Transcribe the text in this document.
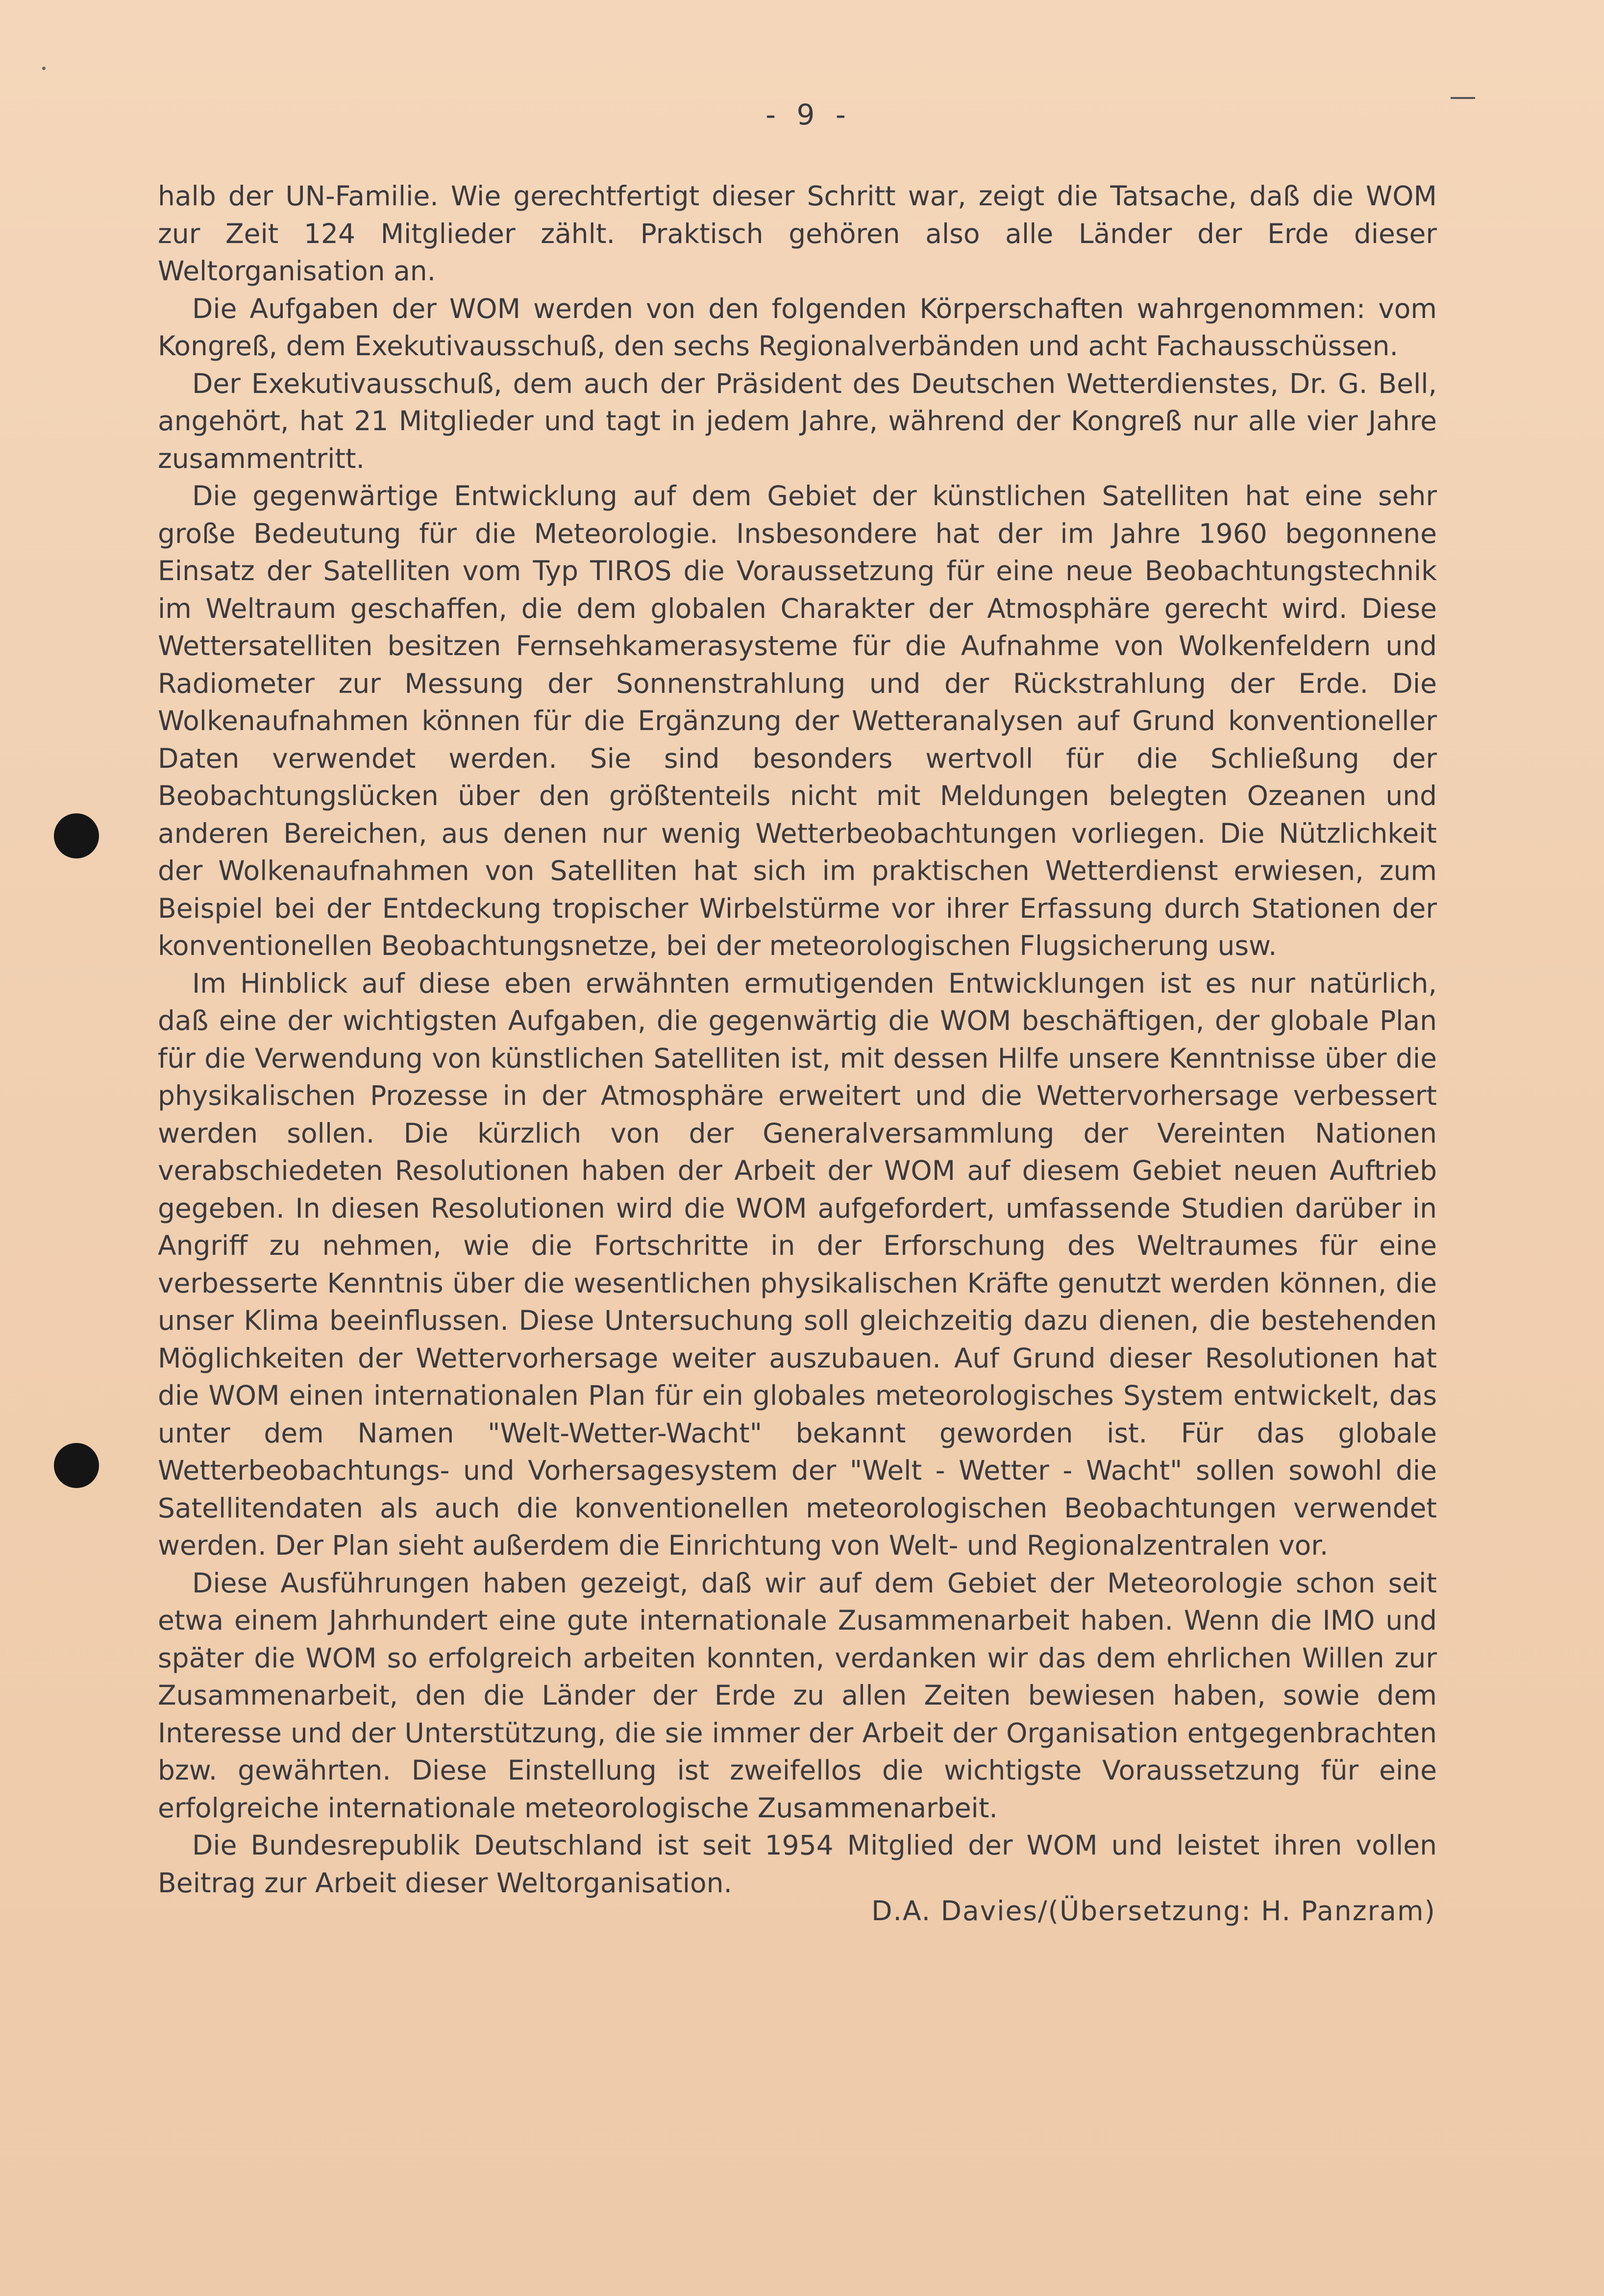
- 9 -

halb der UN-Familie. Wie gerechtfertigt dieser Schritt war, zeigt die Tatsache, daß die WOM zur Zeit 124 Mitglieder zählt. Praktisch gehören also alle Länder der Erde dieser Weltorganisation an.

Die Aufgaben der WOM werden von den folgenden Körperschaften wahrgenommen: vom Kongreß, dem Exekutivausschuß, den sechs Regionalverbänden und acht Fachausschüssen.

Der Exekutivausschuß, dem auch der Präsident des Deutschen Wetterdienstes, Dr. G. Bell, angehört, hat 21 Mitglieder und tagt in jedem Jahre, während der Kongreß nur alle vier Jahre zusammentritt.

Die gegenwärtige Entwicklung auf dem Gebiet der künstlichen Satelliten hat eine sehr große Bedeutung für die Meteorologie. Insbesondere hat der im Jahre 1960 begonnene Einsatz der Satelliten vom Typ TIROS die Voraussetzung für eine neue Beobachtungstechnik im Weltraum geschaffen, die dem globalen Charakter der Atmosphäre gerecht wird. Diese Wettersatelliten besitzen Fernsehkamerasysteme für die Aufnahme von Wolkenfeldern und Radiometer zur Messung der Sonnenstrahlung und der Rückstrahlung der Erde. Die Wolkenaufnahmen können für die Ergänzung der Wetteranalysen auf Grund konventioneller Daten verwendet werden. Sie sind besonders wertvoll für die Schließung der Beobachtungslücken über den größtenteils nicht mit Meldungen belegten Ozeanen und anderen Bereichen, aus denen nur wenig Wetterbeobachtungen vorliegen. Die Nützlichkeit der Wolkenaufnahmen von Satelliten hat sich im praktischen Wetterdienst erwiesen, zum Beispiel bei der Entdeckung tropischer Wirbelstürme vor ihrer Erfassung durch Stationen der konventionellen Beobachtungsnetze, bei der meteorologischen Flugsicherung usw.

Im Hinblick auf diese eben erwähnten ermutigenden Entwicklungen ist es nur natürlich, daß eine der wichtigsten Aufgaben, die gegenwärtig die WOM beschäftigen, der globale Plan für die Verwendung von künstlichen Satelliten ist, mit dessen Hilfe unsere Kenntnisse über die physikalischen Prozesse in der Atmosphäre erweitert und die Wettervorhersage verbessert werden sollen. Die kürzlich von der Generalversammlung der Vereinten Nationen verabschiedeten Resolutionen haben der Arbeit der WOM auf diesem Gebiet neuen Auftrieb gegeben. In diesen Resolutionen wird die WOM aufgefordert, umfassende Studien darüber in Angriff zu nehmen, wie die Fortschritte in der Erforschung des Weltraumes für eine verbesserte Kenntnis über die wesentlichen physikalischen Kräfte genutzt werden können, die unser Klima beeinflussen. Diese Untersuchung soll gleichzeitig dazu dienen, die bestehenden Möglichkeiten der Wettervorhersage weiter auszubauen. Auf Grund dieser Resolutionen hat die WOM einen internationalen Plan für ein globales meteorologisches System entwickelt, das unter dem Namen "Welt-Wetter-Wacht" bekannt geworden ist. Für das globale Wetterbeobachtungs- und Vorhersagesystem der "Welt - Wetter - Wacht" sollen sowohl die Satellitendaten als auch die konventionellen meteorologischen Beobachtungen verwendet werden. Der Plan sieht außerdem die Einrichtung von Welt- und Regionalzentralen vor.

Diese Ausführungen haben gezeigt, daß wir auf dem Gebiet der Meteorologie schon seit etwa einem Jahrhundert eine gute internationale Zusammenarbeit haben. Wenn die IMO und später die WOM so erfolgreich arbeiten konnten, verdanken wir das dem ehrlichen Willen zur Zusammenarbeit, den die Länder der Erde zu allen Zeiten bewiesen haben, sowie dem Interesse und der Unterstützung, die sie immer der Arbeit der Organisation entgegenbrachten bzw. gewährten. Diese Einstellung ist zweifellos die wichtigste Voraussetzung für eine erfolgreiche internationale meteorologische Zusammenarbeit.

Die Bundesrepublik Deutschland ist seit 1954 Mitglied der WOM und leistet ihren vollen Beitrag zur Arbeit dieser Weltorganisation.

D.A. Davies/(Übersetzung: H. Panzram)
